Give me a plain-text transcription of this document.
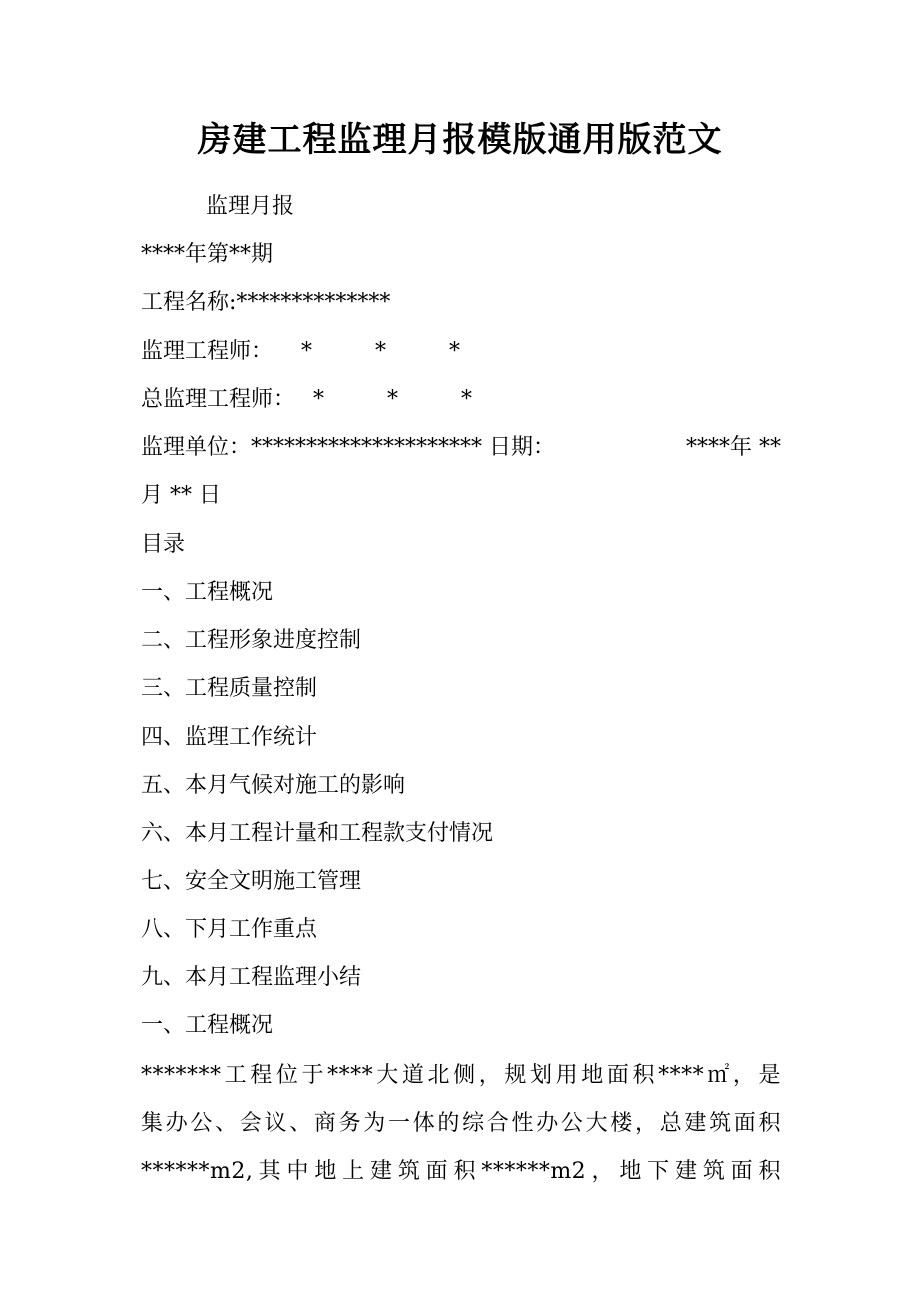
房建工程监理月报模版通用版范文
监理月报
****年第**期
工程名称:**************
监理工程师： * * *
总监理工程师： * * *
监理单位：********************* 日期：	****年 **
月 ** 日
目录
一、工程概况
二、工程形象进度控制
三、工程质量控制
四、监理工作统计
五、本月气候对施工的影响
六、本月工程计量和工程款支付情况
七、安全文明施工管理
八、下月工作重点
九、本月工程监理小结
一、工程概况
*******工程位于****大道北侧，规划用地面积****㎡，是
集办公、会议、商务为一体的综合性办公大楼，总建筑面积
******m2,其中地上建筑面积******m2，地下建筑面积
